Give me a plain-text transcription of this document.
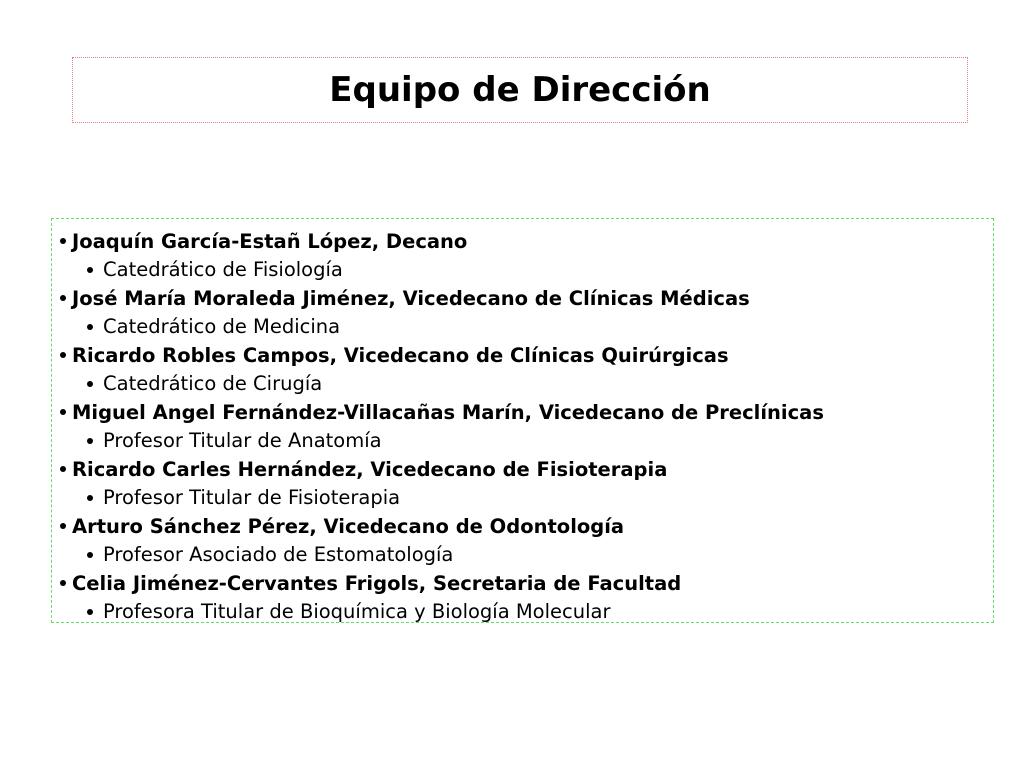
Equipo de Dirección
Joaquín García-Estañ López, Decano
Catedrático de Fisiología
José María Moraleda Jiménez, Vicedecano de Clínicas Médicas
Catedrático de Medicina
Ricardo Robles Campos, Vicedecano de Clínicas Quirúrgicas
Catedrático de Cirugía
Miguel Angel Fernández-Villacañas Marín, Vicedecano de Preclínicas
Profesor Titular de Anatomía
Ricardo Carles Hernández, Vicedecano de Fisioterapia
Profesor Titular de Fisioterapia
Arturo Sánchez Pérez, Vicedecano de Odontología
Profesor Asociado de Estomatología
Celia Jiménez-Cervantes Frigols, Secretaria de Facultad
Profesora Titular de Bioquímica y Biología Molecular
